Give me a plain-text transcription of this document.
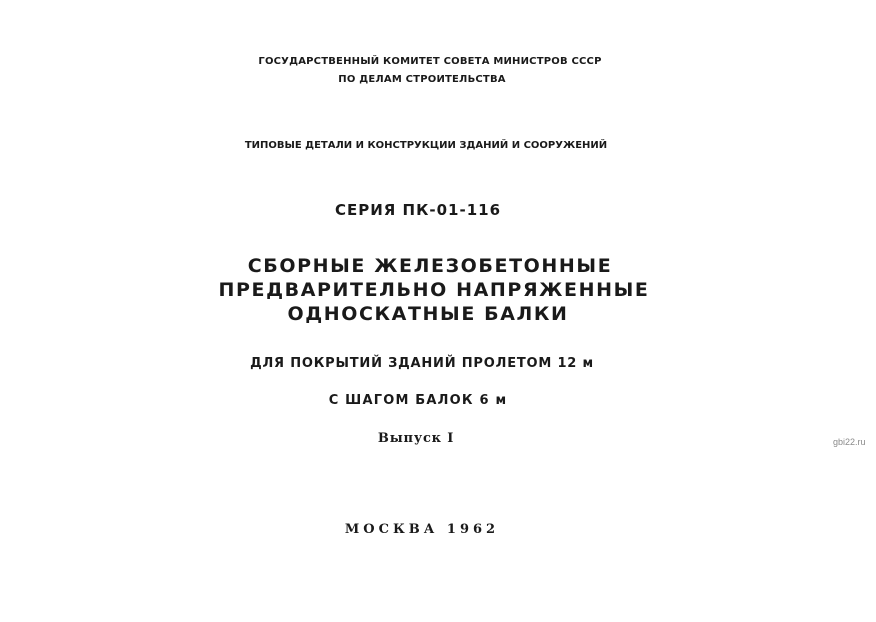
ГОСУДАРСТВЕННЫЙ КОМИТЕТ СОВЕТА МИНИСТРОВ СССР
ПО ДЕЛАМ СТРОИТЕЛЬСТВА
ТИПОВЫЕ ДЕТАЛИ И КОНСТРУКЦИИ ЗДАНИЙ И СООРУЖЕНИЙ
СЕРИЯ ПК-01-116
СБОРНЫЕ ЖЕЛЕЗОБЕТОННЫЕ
ПРЕДВАРИТЕЛЬНО НАПРЯЖЕННЫЕ
ОДНОСКАТНЫЕ БАЛКИ
ДЛЯ ПОКРЫТИЙ ЗДАНИЙ ПРОЛЕТОМ 12 м
С ШАГОМ БАЛОК 6 м
Выпуск I
МОСКВА 1962
gbi22.ru
